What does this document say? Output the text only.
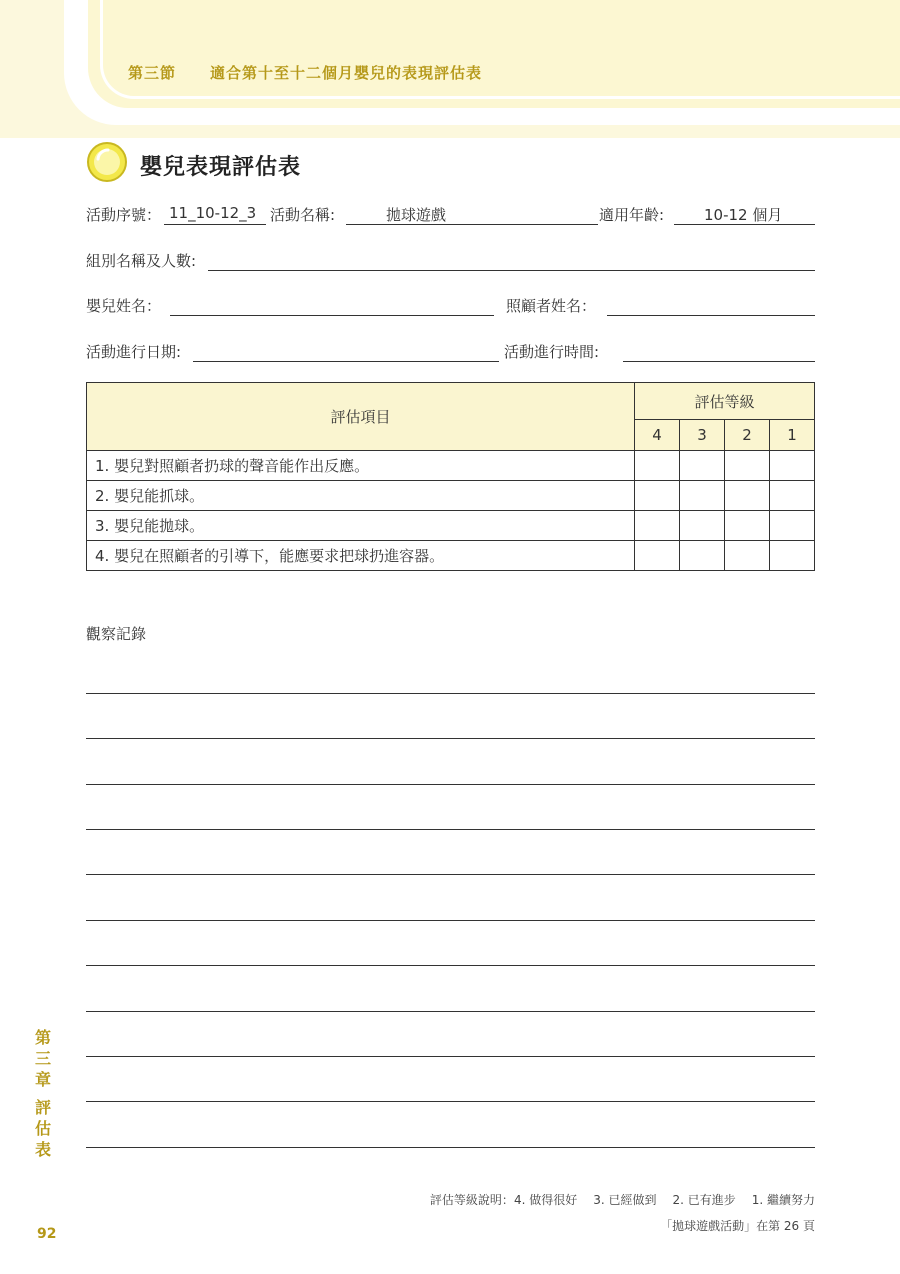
第三節 適合第十至十二個月嬰兒的表現評估表
嬰兒表現評估表
活動序號： 11_10-12_3 活動名稱:	拋球遊戲	適用年齡:	10-12 個月
組別名稱及人數:
嬰兒姓名：	照顧者姓名：
活動進行日期:	活動進行時間:
評估項目	評估等級			
	4	3	2	1
1. 嬰兒對照顧者扔球的聲音能作出反應。				
2. 嬰兒能抓球。				
3. 嬰兒能拋球。				
4. 嬰兒在照顧者的引導下，能應要求把球扔進容器。				
觀察記錄
第
三
章
評
估
表
92
評估等級說明：4. 做得很好 3. 已經做到 2. 已有進步 1. 繼續努力
「拋球遊戲活動」在第 26 頁
